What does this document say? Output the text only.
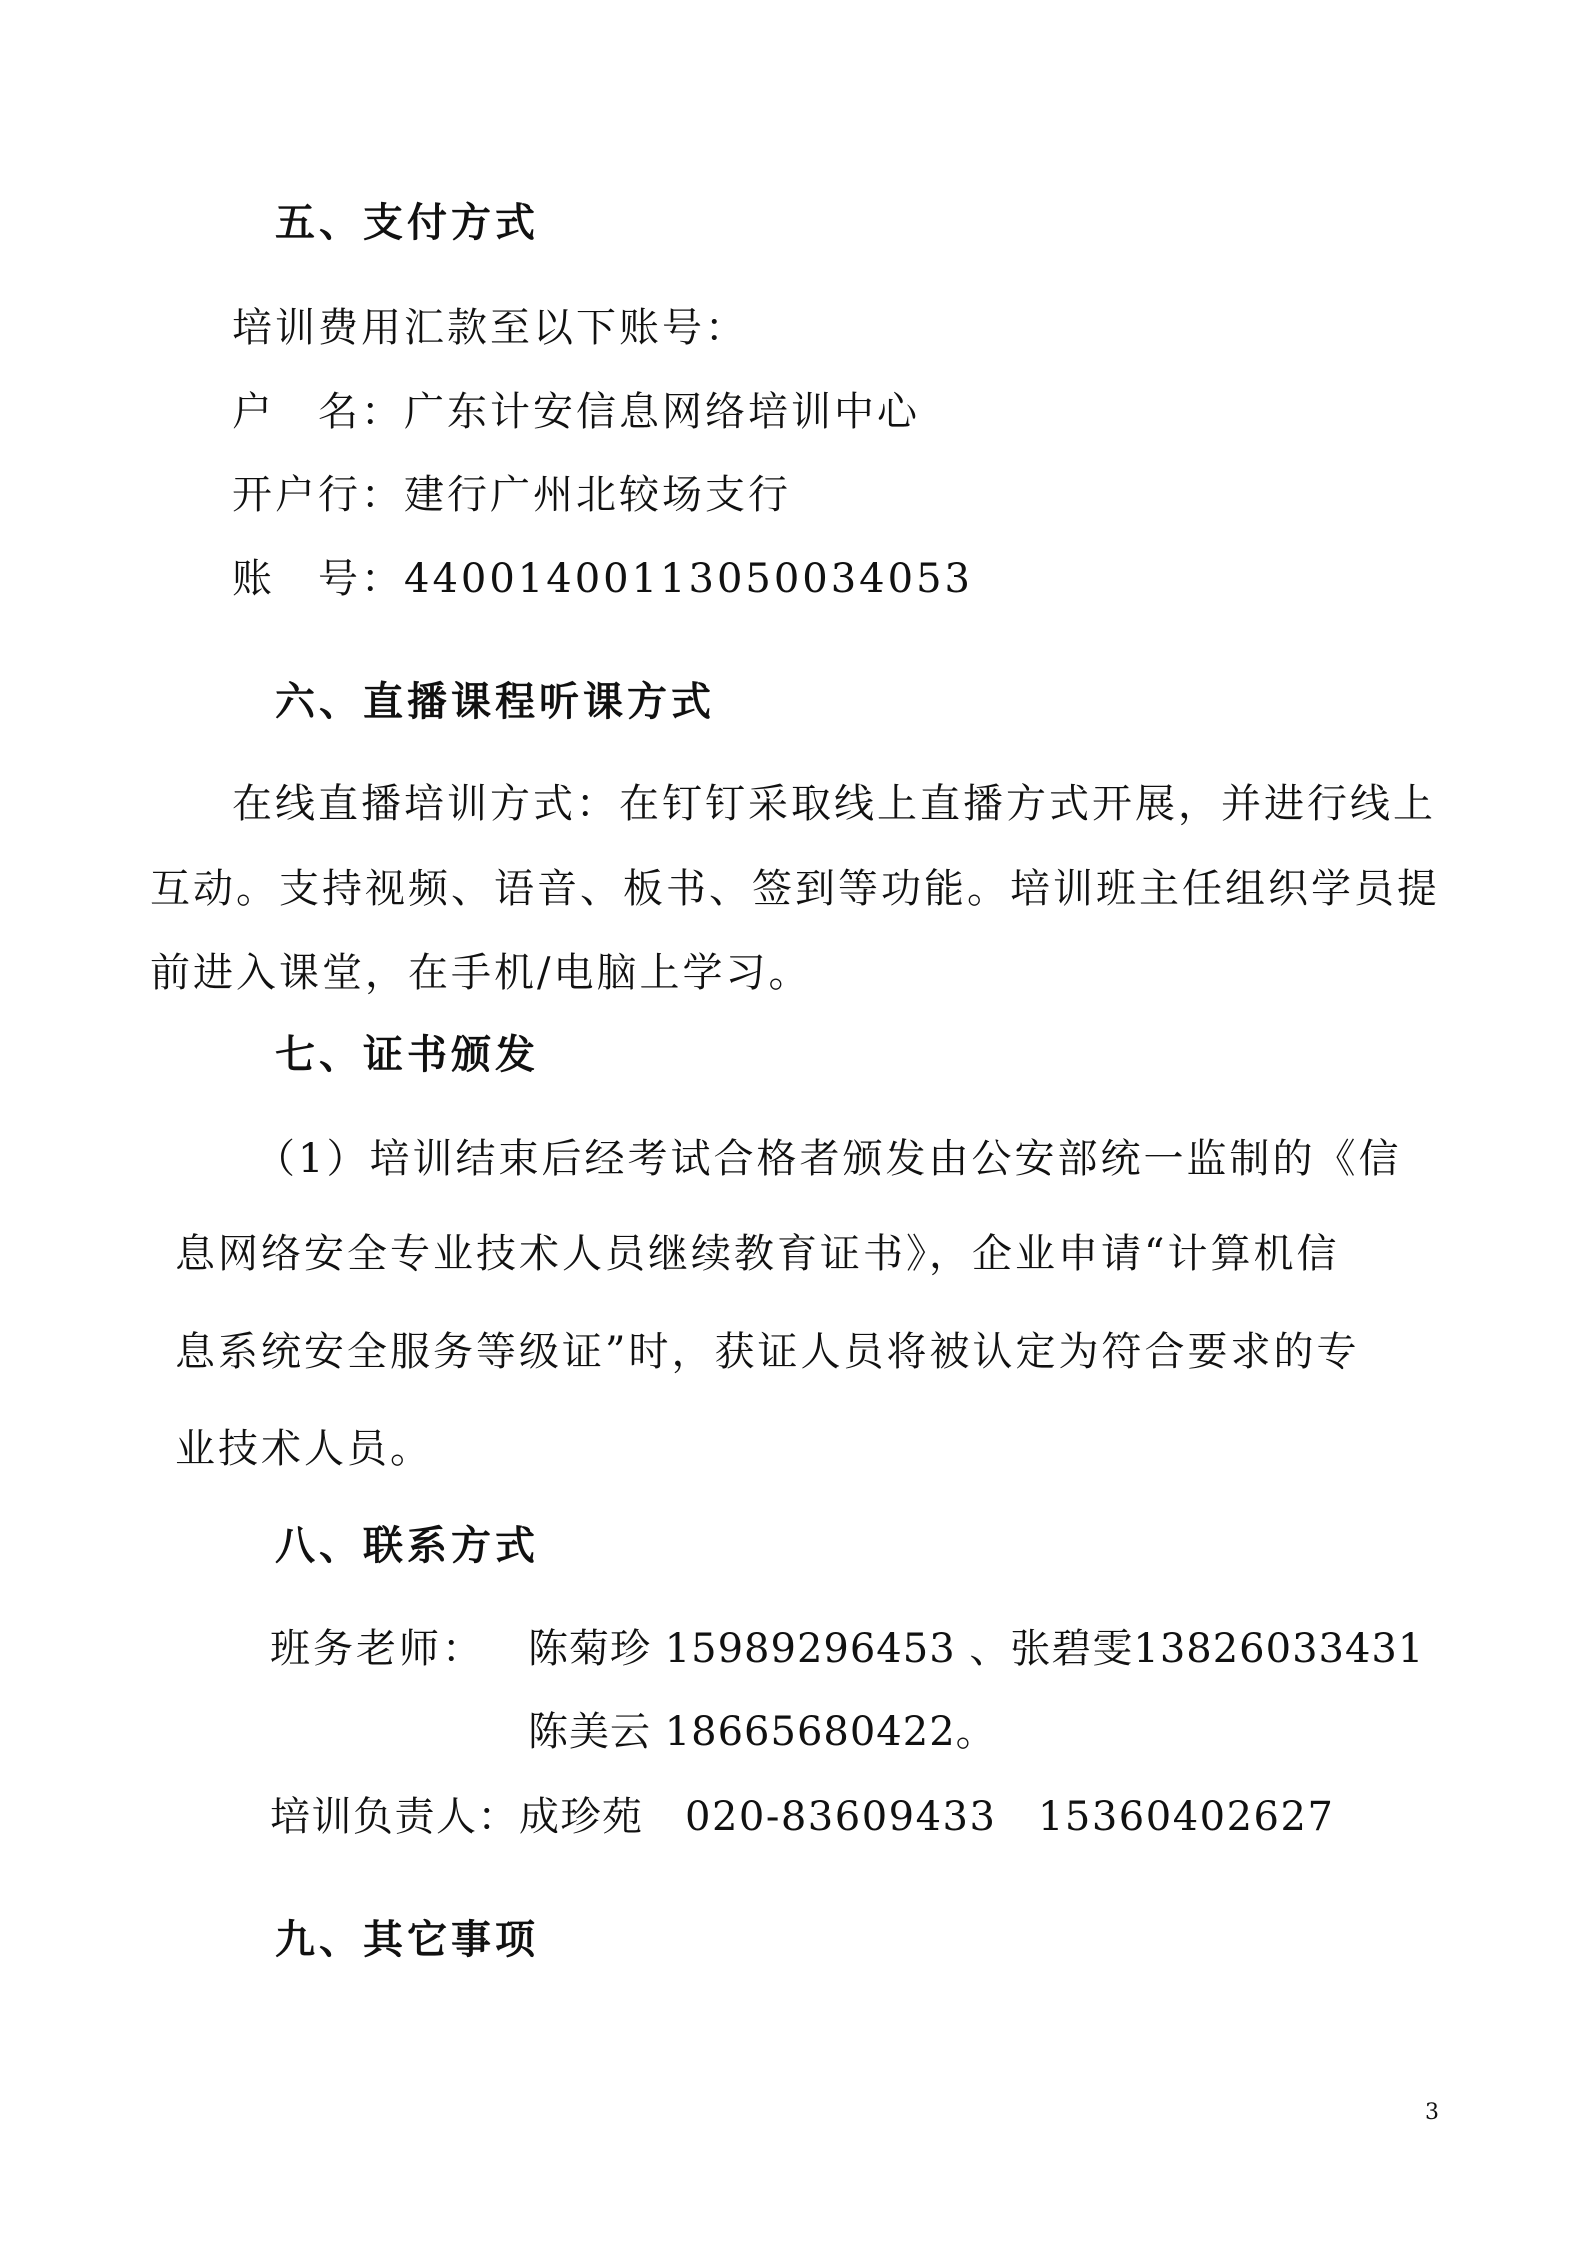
五、支付方式
培训费用汇款至以下账号：
户　名：广东计安信息网络培训中心
开户行：建行广州北较场支行
账　号：44001400113050034053
六、直播课程听课方式
在线直播培训方式：在钉钉采取线上直播方式开展，并进行线上
互动。支持视频、语音、板书、签到等功能。培训班主任组织学员提
前进入课堂，在手机/电脑上学习。
七、证书颁发
（1）培训结束后经考试合格者颁发由公安部统一监制的《信
息网络安全专业技术人员继续教育证书》，企业申请“计算机信
息系统安全服务等级证”时，获证人员将被认定为符合要求的专
业技术人员。
八、联系方式
班务老师： 陈菊珍 15989296453 、张碧雯13826033431
陈美云 18665680422。
培训负责人：成珍苑　020-83609433　15360402627
九、其它事项
3
